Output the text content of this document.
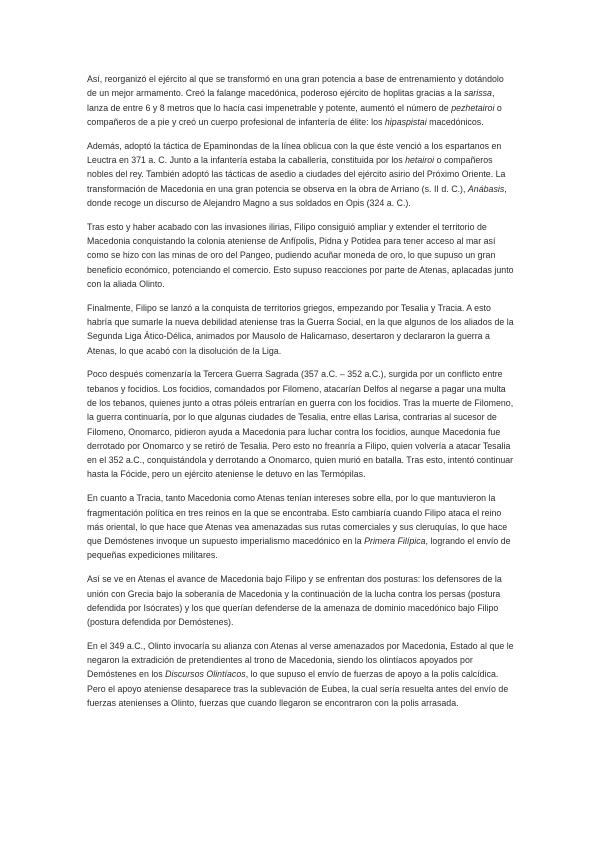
Así, reorganizó el ejército al que se transformó en una gran potencia a base de entrenamiento y dotándolo de un mejor armamento. Creó la falange macedónica, poderoso ejército de hoplitas gracias a la sarissa, lanza de entre 6 y 8 metros que lo hacía casi impenetrable y potente, aumentó el número de pezhetairoi o compañeros de a pie y creó un cuerpo profesional de infantería de élite: los hipaspistai macedónicos.

Además, adoptó la táctica de Epaminondas de la línea oblicua con la que éste venció a los espartanos en Leuctra en 371 a. C. Junto a la infantería estaba la caballería, constituida por los hetairoi o compañeros nobles del rey. También adoptó las tácticas de asedio a ciudades del ejército asirio del Próximo Oriente. La transformación de Macedonia en una gran potencia se observa en la obra de Arriano (s. II d. C.), Anábasis, donde recoge un discurso de Alejandro Magno a sus soldados en Opis (324 a. C.).

Tras esto y haber acabado con las invasiones ilirias, Filipo consiguió ampliar y extender el territorio de Macedonia conquistando la colonia ateniense de Anfípolis, Pidna y Potidea para tener acceso al mar así como se hizo con las minas de oro del Pangeo, pudiendo acuñar moneda de oro, lo que supuso un gran beneficio económico, potenciando el comercio. Esto supuso reacciones por parte de Atenas, aplacadas junto con la aliada Olinto.

Finalmente, Filipo se lanzó a la conquista de territorios griegos, empezando por Tesalia y Tracia. A esto habría que sumarle la nueva debilidad ateniense tras la Guerra Social, en la que algunos de los aliados de la Segunda Liga Ático-Délica, animados por Mausolo de Halicarnaso, desertaron y declararon la guerra a Atenas, lo que acabó con la disolución de la Liga.

Poco después comenzaría la Tercera Guerra Sagrada (357 a.C. – 352 a.C.), surgida por un conflicto entre tebanos y focidios. Los focidios, comandados por Filomeno, atacarían Delfos al negarse a pagar una multa de los tebanos, quienes junto a otras póleis entrarían en guerra con los focidios. Tras la muerte de Filomeno, la guerra continuaría, por lo que algunas ciudades de Tesalia, entre ellas Larisa, contrarias al sucesor de Filomeno, Onomarco, pidieron ayuda a Macedonia para luchar contra los focidios, aunque Macedonia fue derrotado por Onomarco y se retiró de Tesalia. Pero esto no freanría a Filipo, quien volvería a atacar Tesalia en el 352 a.C., conquistándola y derrotando a Onomarco, quien murió en batalla. Tras esto, intentó continuar hasta la Fócide, pero un ejército ateniense le detuvo en las Termópilas.

En cuanto a Tracia, tanto Macedonia como Atenas tenían intereses sobre ella, por lo que mantuvieron la fragmentación política en tres reinos en la que se encontraba. Esto cambiaría cuando Filipo ataca el reino más oriental, lo que hace que Atenas vea amenazadas sus rutas comerciales y sus cleruquías, lo que hace que Demóstenes invoque un supuesto imperialismo macedónico en la Primera Filípica, logrando el envío de pequeñas expediciones militares.

Así se ve en Atenas el avance de Macedonia bajo Filipo y se enfrentan dos posturas: los defensores de la unión con Grecia bajo la soberanía de Macedonia y la continuación de la lucha contra los persas (postura defendida por Isócrates) y los que querían defenderse de la amenaza de dominio macedónico bajo Filipo (postura defendida por Demóstenes).

En el 349 a.C., Olinto invocaría su alianza con Atenas al verse amenazados por Macedonia, Estado al que le negaron la extradición de pretendientes al trono de Macedonia, siendo los olintíacos apoyados por Demóstenes en los Discursos Olintíacos, lo que supuso el envío de fuerzas de apoyo a la polis calcídica. Pero el apoyo ateniense desaparece tras la sublevación de Eubea, la cual sería resuelta antes del envío de fuerzas atenienses a Olinto, fuerzas que cuando llegaron se encontraron con la polis arrasada.
